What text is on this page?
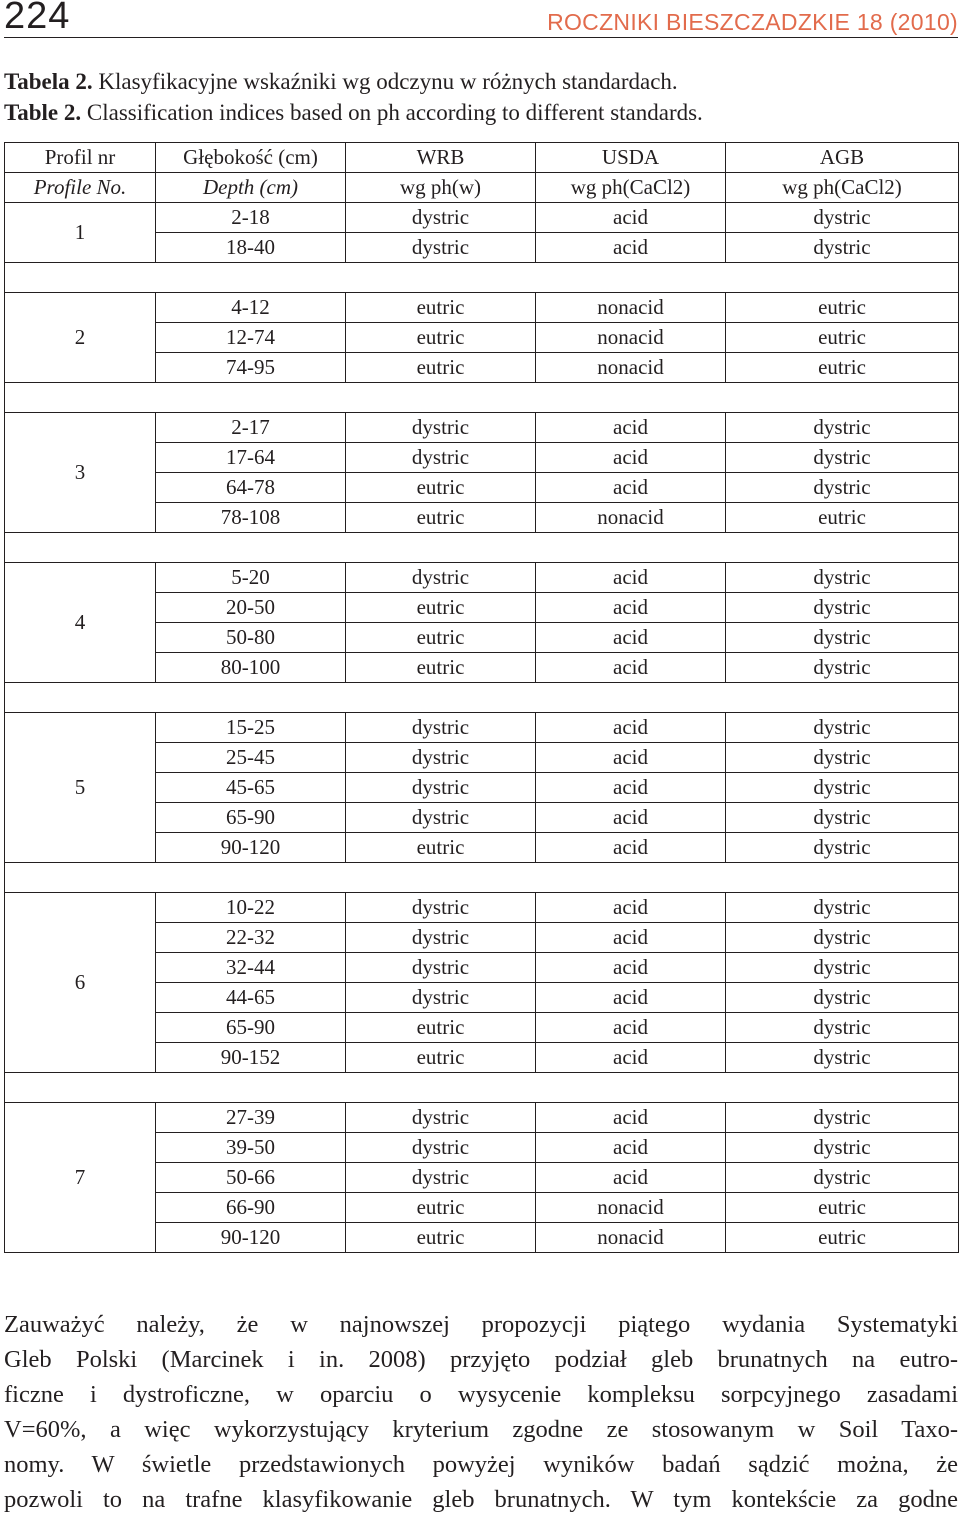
224	ROCZNIKI BIESZCZADZKIE 18 (2010)
Tabela 2. Klasyfikacyjne wskaźniki wg odczynu w różnych standardach.
Table 2. Classification indices based on ph according to different standards.
Profil nr	Głębokość (cm)	WRB	USDA	AGB
Profile No.	Depth (cm)	wg ph(w)	wg ph(CaCl2)	wg ph(CaCl2)
1	2-18	dystric	acid	dystric
	18-40	dystric	acid	dystric

2	4-12	eutric	nonacid	eutric
	12-74	eutric	nonacid	eutric
	74-95	eutric	nonacid	eutric

3	2-17	dystric	acid	dystric
	17-64	dystric	acid	dystric
	64-78	eutric	acid	dystric
	78-108	eutric	nonacid	eutric

4	5-20	dystric	acid	dystric
	20-50	eutric	acid	dystric
	50-80	eutric	acid	dystric
	80-100	eutric	acid	dystric

5	15-25	dystric	acid	dystric
	25-45	dystric	acid	dystric
	45-65	dystric	acid	dystric
	65-90	dystric	acid	dystric
	90-120	eutric	acid	dystric

6	10-22	dystric	acid	dystric
	22-32	dystric	acid	dystric
	32-44	dystric	acid	dystric
	44-65	dystric	acid	dystric
	65-90	eutric	acid	dystric
	90-152	eutric	acid	dystric

7	27-39	dystric	acid	dystric
	39-50	dystric	acid	dystric
	50-66	dystric	acid	dystric
	66-90	eutric	nonacid	eutric
	90-120	eutric	nonacid	eutric
Zauważyć należy, że w najnowszej propozycji piątego wydania Systematyki
Gleb Polski (Marcinek i in. 2008) przyjęto podział gleb brunatnych na eutro-
ficzne i dystroficzne, w oparciu o wysycenie kompleksu sorpcyjnego zasadami
V=60%, a więc wykorzystujący kryterium zgodne ze stosowanym w Soil Taxo-
nomy. W świetle przedstawionych powyżej wyników badań sądzić można, że
pozwoli to na trafne klasyfikowanie gleb brunatnych. W tym kontekście za godne
